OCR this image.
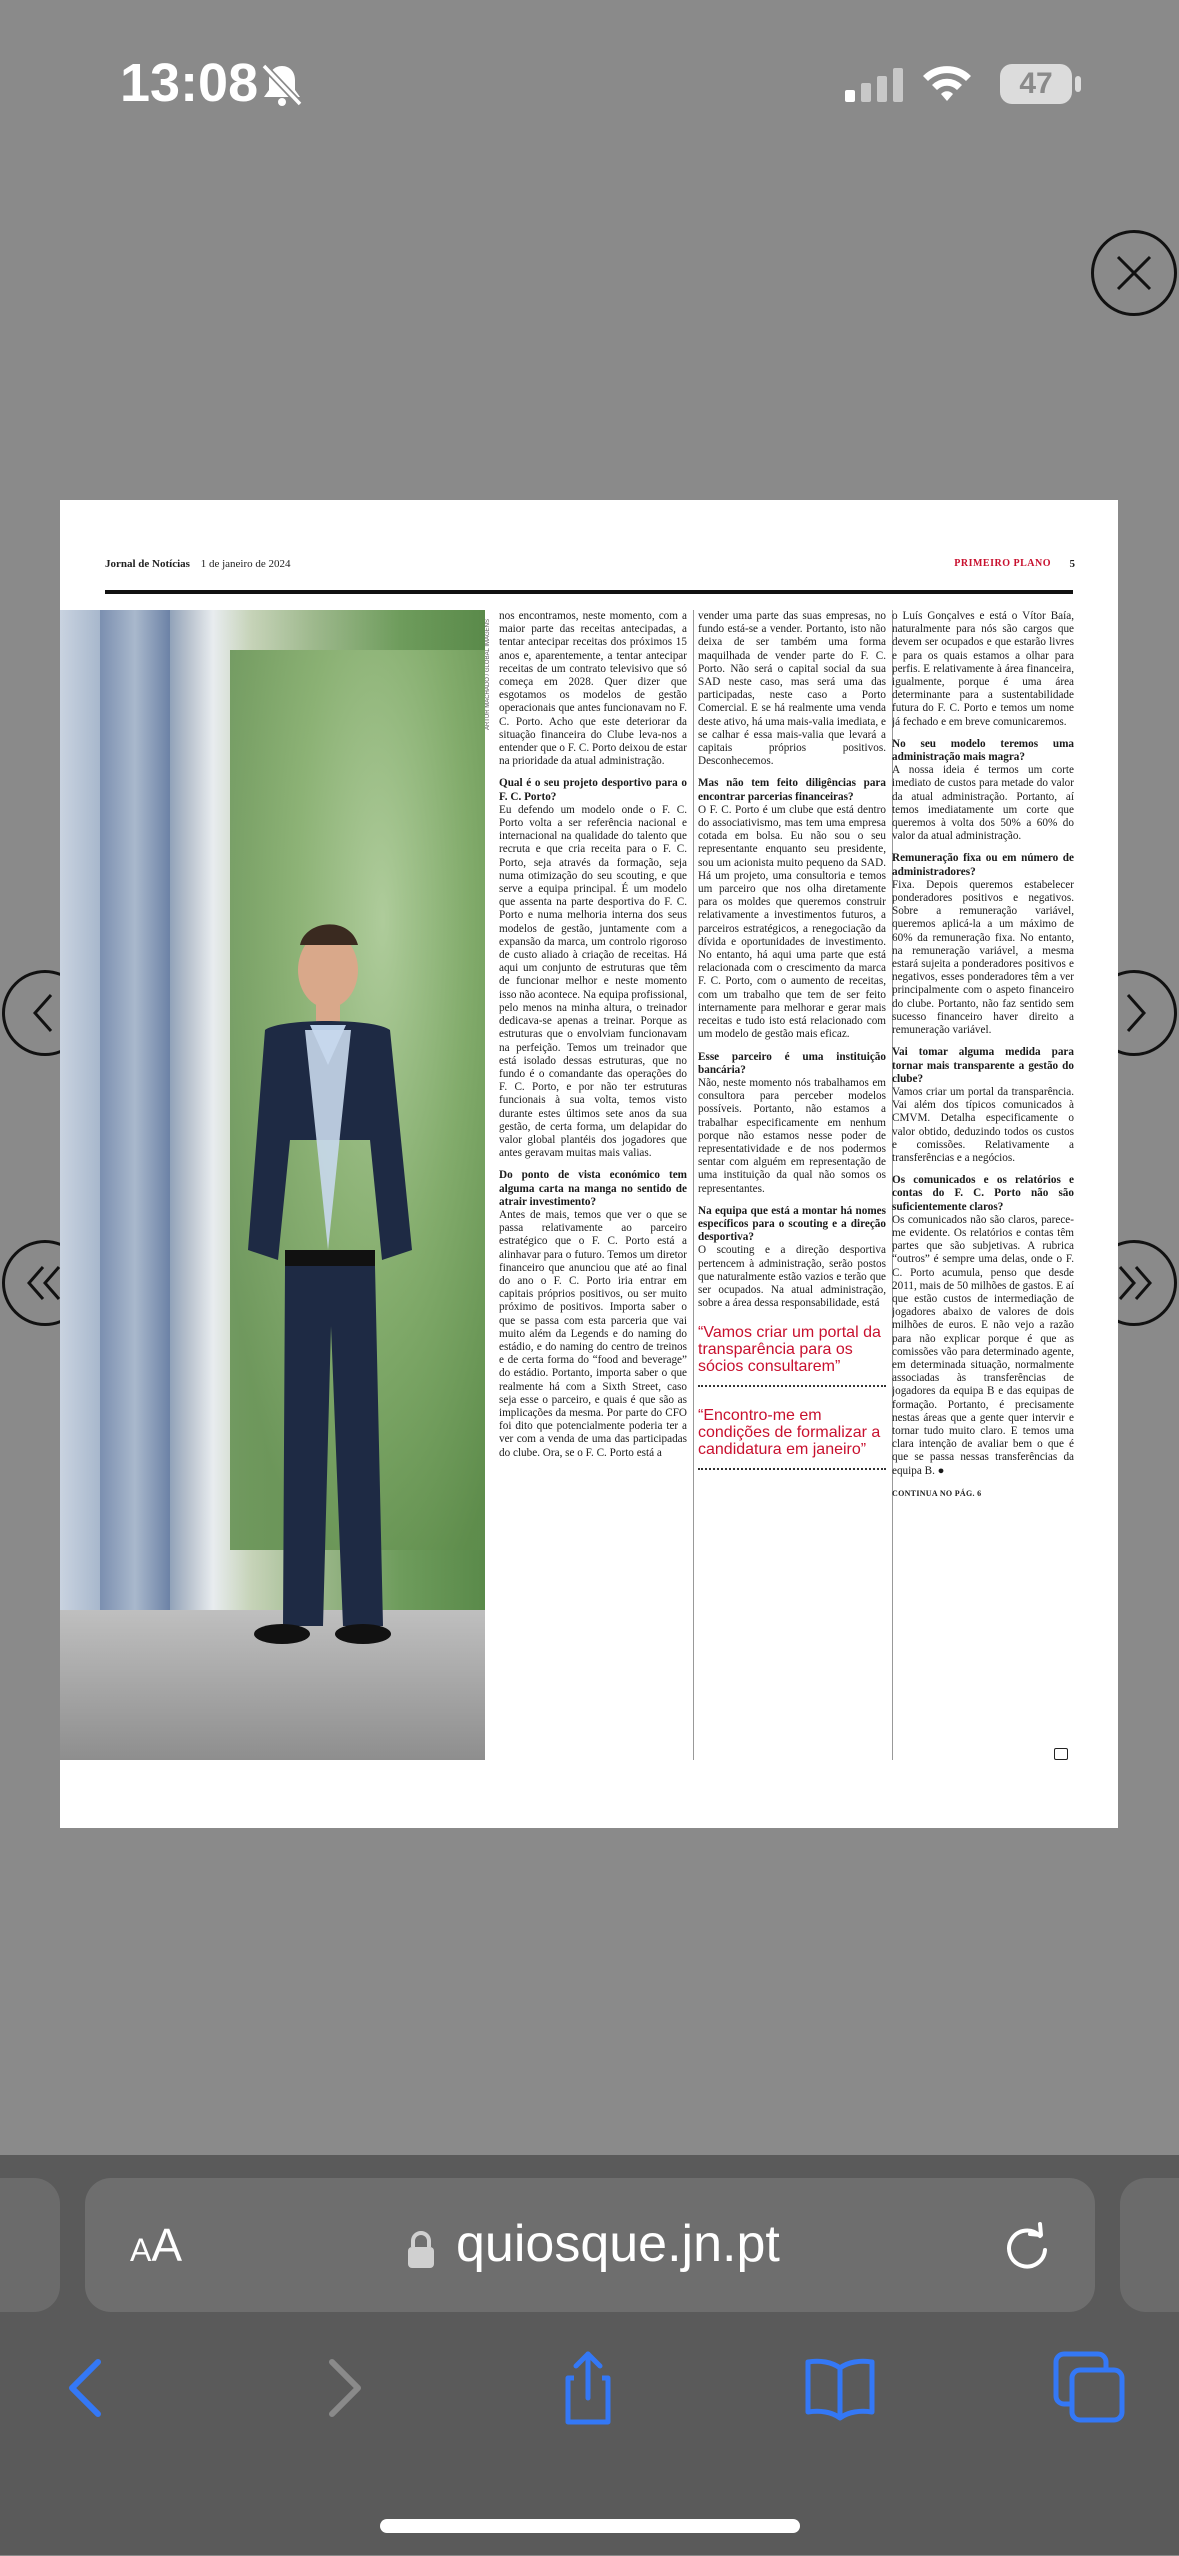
13:08	47
Jornal de Notícias 1 de janeiro de 2024	PRIMEIRO PLANO 5
ARTUR MACHADO / GLOBAL IMAGENS

nos encontramos, neste momento, com a maior parte das receitas antecipadas, a tentar antecipar receitas dos próximos 15 anos e, aparentemente, a tentar antecipar receitas de um contrato televisivo que só começa em 2028. Quer dizer que esgotamos os modelos de gestão operacionais que antes funcionavam no F. C. Porto. Acho que este deteriorar da situação financeira do Clube leva-nos a entender que o F. C. Porto deixou de estar na prioridade da atual administração.

Qual é o seu projeto desportivo para o F. C. Porto?

Eu defendo um modelo onde o F. C. Porto volta a ser referência nacional e internacional na qualidade do talento que recruta e que cria receita para o F. C. Porto, seja através da formação, seja numa otimização do seu scouting, e que serve a equipa principal. É um modelo que assenta na parte desportiva do F. C. Porto e numa melhoria interna dos seus modelos de gestão, juntamente com a expansão da marca, um controlo rigoroso de custo aliado à criação de receitas. Há aqui um conjunto de estruturas que têm de funcionar melhor e neste momento isso não acontece. Na equipa profissional, pelo menos na minha altura, o treinador dedicava-se apenas a treinar. Porque as estruturas que o envolviam funcionavam na perfeição. Temos um treinador que está isolado dessas estruturas, que no fundo é o comandante das operações do F. C. Porto, e por não ter estruturas funcionais à sua volta, temos visto durante estes últimos sete anos da sua gestão, de certa forma, um delapidar do valor global plantéis dos jogadores que antes geravam muitas mais valias.

Do ponto de vista económico tem alguma carta na manga no sentido de atrair investimento?

Antes de mais, temos que ver o que se passa relativamente ao parceiro estratégico que o F. C. Porto está a alinhavar para o futuro. Temos um diretor financeiro que anunciou que até ao final do ano o F. C. Porto iria entrar em capitais próprios positivos, ou ser muito próximo de positivos. Importa saber o que se passa com esta parceria que vai muito além da Legends e do naming do estádio, e do naming do centro de treinos e de certa forma do “food and beverage” do estádio. Portanto, importa saber o que realmente há com a Sixth Street, caso seja esse o parceiro, e quais é que são as implicações da mesma. Por parte do CFO foi dito que potencialmente poderia ter a ver com a venda de uma das participadas do clube. Ora, se o F. C. Porto está a

vender uma parte das suas empresas, no fundo está-se a vender. Portanto, isto não deixa de ser também uma forma maquilhada de vender parte do F. C. Porto. Não será o capital social da sua SAD neste caso, mas será uma das participadas, neste caso a Porto Comercial. E se há realmente uma venda deste ativo, há uma mais-valia imediata, e se calhar é essa mais-valia que levará a capitais próprios positivos. Desconhecemos.

Mas não tem feito diligências para encontrar parcerias financeiras?

O F. C. Porto é um clube que está dentro do associativismo, mas tem uma empresa cotada em bolsa. Eu não sou o seu representante enquanto seu presidente, sou um acionista muito pequeno da SAD. Há um projeto, uma consultoria e temos um parceiro que nos olha diretamente para os moldes que queremos construir relativamente a investimentos futuros, a parceiros estratégicos, a renegociação da dívida e oportunidades de investimento. No entanto, há aqui uma parte que está relacionada com o crescimento da marca F. C. Porto, com o aumento de receitas, com um trabalho que tem de ser feito internamente para melhorar e gerar mais receitas e tudo isto está relacionado com um modelo de gestão mais eficaz.

Esse parceiro é uma instituição bancária?

Não, neste momento nós trabalhamos em consultora para perceber modelos possíveis. Portanto, não estamos a trabalhar especificamente em nenhum porque não estamos nesse poder de representatividade e de nos podermos sentar com alguém em representação de uma instituição da qual não somos os representantes.

Na equipa que está a montar há nomes específicos para o scouting e a direção desportiva?

O scouting e a direção desportiva pertencem à administração, serão postos que naturalmente estão vazios e terão que ser ocupados. Na atual administração, sobre a área dessa responsabilidade, está

“Vamos criar um portal da transparência para os sócios consultarem”
“Encontro-me em condições de formalizar a candidatura em janeiro”

o Luís Gonçalves e está o Vítor Baía, naturalmente para nós são cargos que devem ser ocupados e que estarão livres e para os quais estamos a olhar para perfis. E relativamente à área financeira, igualmente, porque é uma área determinante para a sustentabilidade futura do F. C. Porto e temos um nome já fechado e em breve comunicaremos.

No seu modelo teremos uma administração mais magra?

A nossa ideia é termos um corte imediato de custos para metade do valor da atual administração. Portanto, aí temos imediatamente um corte que queremos à volta dos 50% a 60% do valor da atual administração.

Remuneração fixa ou em número de administradores?

Fixa. Depois queremos estabelecer ponderadores positivos e negativos. Sobre a remuneração variável, queremos aplicá-la a um máximo de 60% da remuneração fixa. No entanto, na remuneração variável, a mesma estará sujeita a ponderadores positivos e negativos, esses ponderadores têm a ver principalmente com o aspeto financeiro do clube. Portanto, não faz sentido sem sucesso financeiro haver direito a remuneração variável.

Vai tomar alguma medida para tornar mais transparente a gestão do clube?

Vamos criar um portal da transparência. Vai além dos típicos comunicados à CMVM. Detalha especificamente o valor obtido, deduzindo todos os custos e comissões. Relativamente a transferências e a negócios.

Os comunicados e os relatórios e contas do F. C. Porto não são suficientemente claros?

Os comunicados não são claros, parece-me evidente. Os relatórios e contas têm partes que são subjetivas. A rubrica “outros” é sempre uma delas, onde o F. C. Porto acumula, penso que desde 2011, mais de 50 milhões de gastos. E aí que estão custos de intermediação de jogadores abaixo de valores de dois milhões de euros. E não vejo a razão para não explicar porque é que as comissões vão para determinado agente, em determinada situação, normalmente associadas às transferências de jogadores da equipa B e das equipas de formação. Portanto, é precisamente nestas áreas que a gente quer intervir e tornar tudo muito claro. E temos uma clara intenção de avaliar bem o que é que se passa nessas transferências da equipa B. ●

CONTINUA NO PÁG. 6
AA	quiosque.jn.pt
